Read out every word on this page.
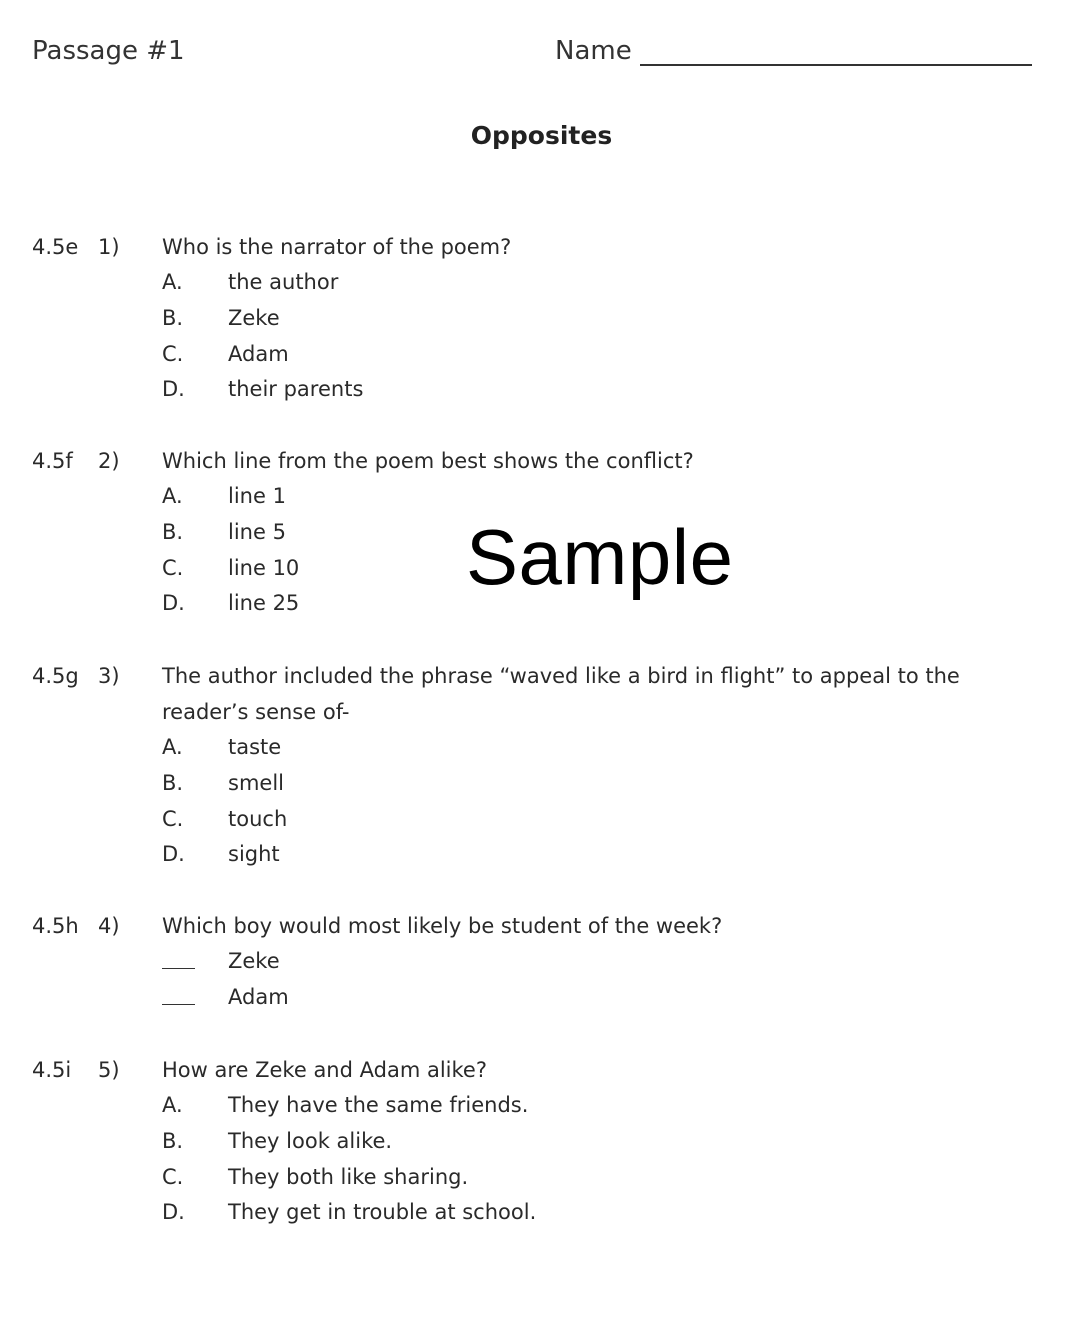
Passage #1	Name
Opposites
4.5e 1) Who is the narrator of the poem?
A. the author
B. Zeke
C. Adam
D. their parents
4.5f 2) Which line from the poem best shows the conflict?
A. line 1
B. line 5
C. line 10
D. line 25
Sample
4.5g 3) The author included the phrase “waved like a bird in flight” to appeal to the
reader’s sense of-
A. taste
B. smell
C. touch
D. sight
4.5h 4) Which boy would most likely be student of the week?
Zeke
Adam
4.5i 5) How are Zeke and Adam alike?
A. They have the same friends.
B. They look alike.
C. They both like sharing.
D. They get in trouble at school.
